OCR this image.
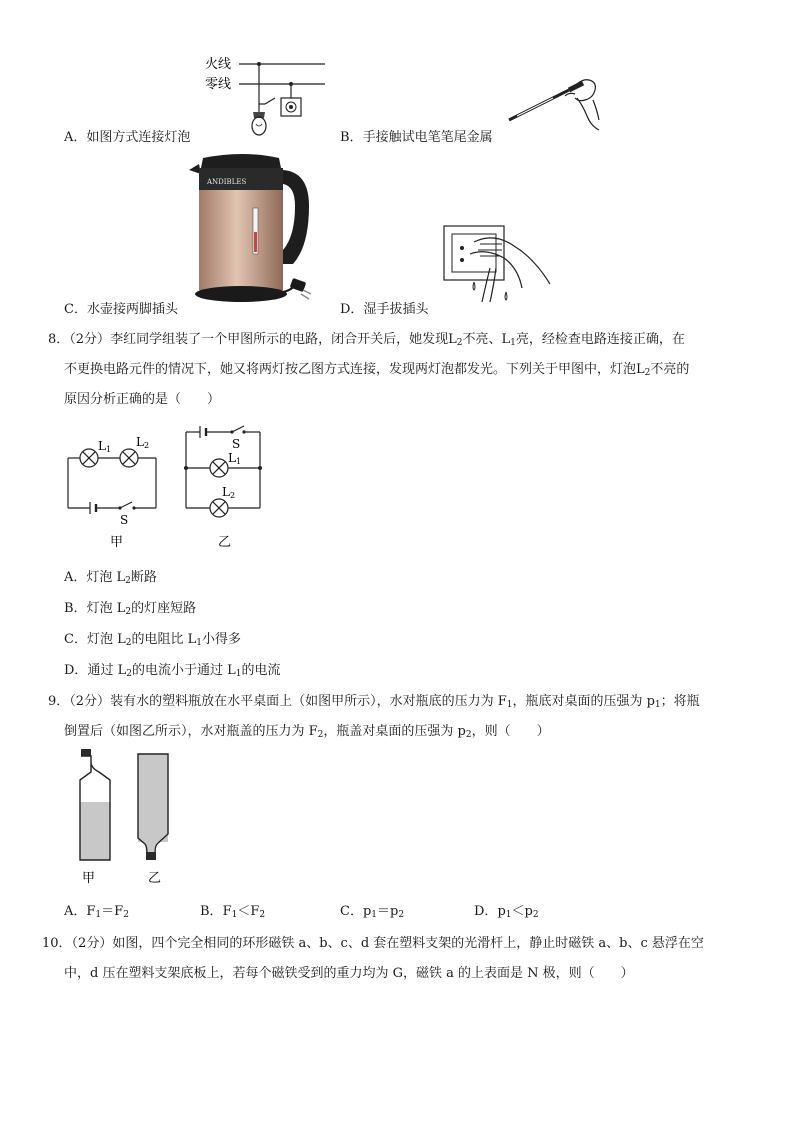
火线
零线
ANDIBLES
A．如图方式连接灯泡	B．手接触试电笔笔尾金属
C．水壶接两脚插头	D．湿手拔插头
8．（2分）李红同学组装了一个甲图所示的电路，闭合开关后，她发现$L_2$不亮、$L_1$亮，经检查电路连接正确，在
不更换电路元件的情况下，她又将两灯按乙图方式连接，发现两灯泡都发光。下列关于甲图中，灯泡$L_2$不亮的
原因分析正确的是（　　）
L1
L2
S
甲
S
L1
L2
乙
A．灯泡 $L_2$断路
B．灯泡 $L_2$的灯座短路
C．灯泡 $L_2$的电阻比 $L_1$小得多
D．通过 $L_2$的电流小于通过 $L_1$的电流
9．（2分）装有水的塑料瓶放在水平桌面上（如图甲所示），水对瓶底的压力为 $F_1$，瓶底对桌面的压强为 $p_1$；将瓶
倒置后（如图乙所示），水对瓶盖的压力为 $F_2$，瓶盖对桌面的压强为 $p_2$，则（　　）
甲	乙
A．$F_1=F_2$	B．$F_1<F_2$	C．$p_1=p_2$	D．$p_1<p_2$
10．（2分）如图，四个完全相同的环形磁铁 a、b、c、d 套在塑料支架的光滑杆上，静止时磁铁 a、b、c 悬浮在空
中，d 压在塑料支架底板上，若每个磁铁受到的重力均为 G，磁铁 a 的上表面是 N 极，则（　　）
